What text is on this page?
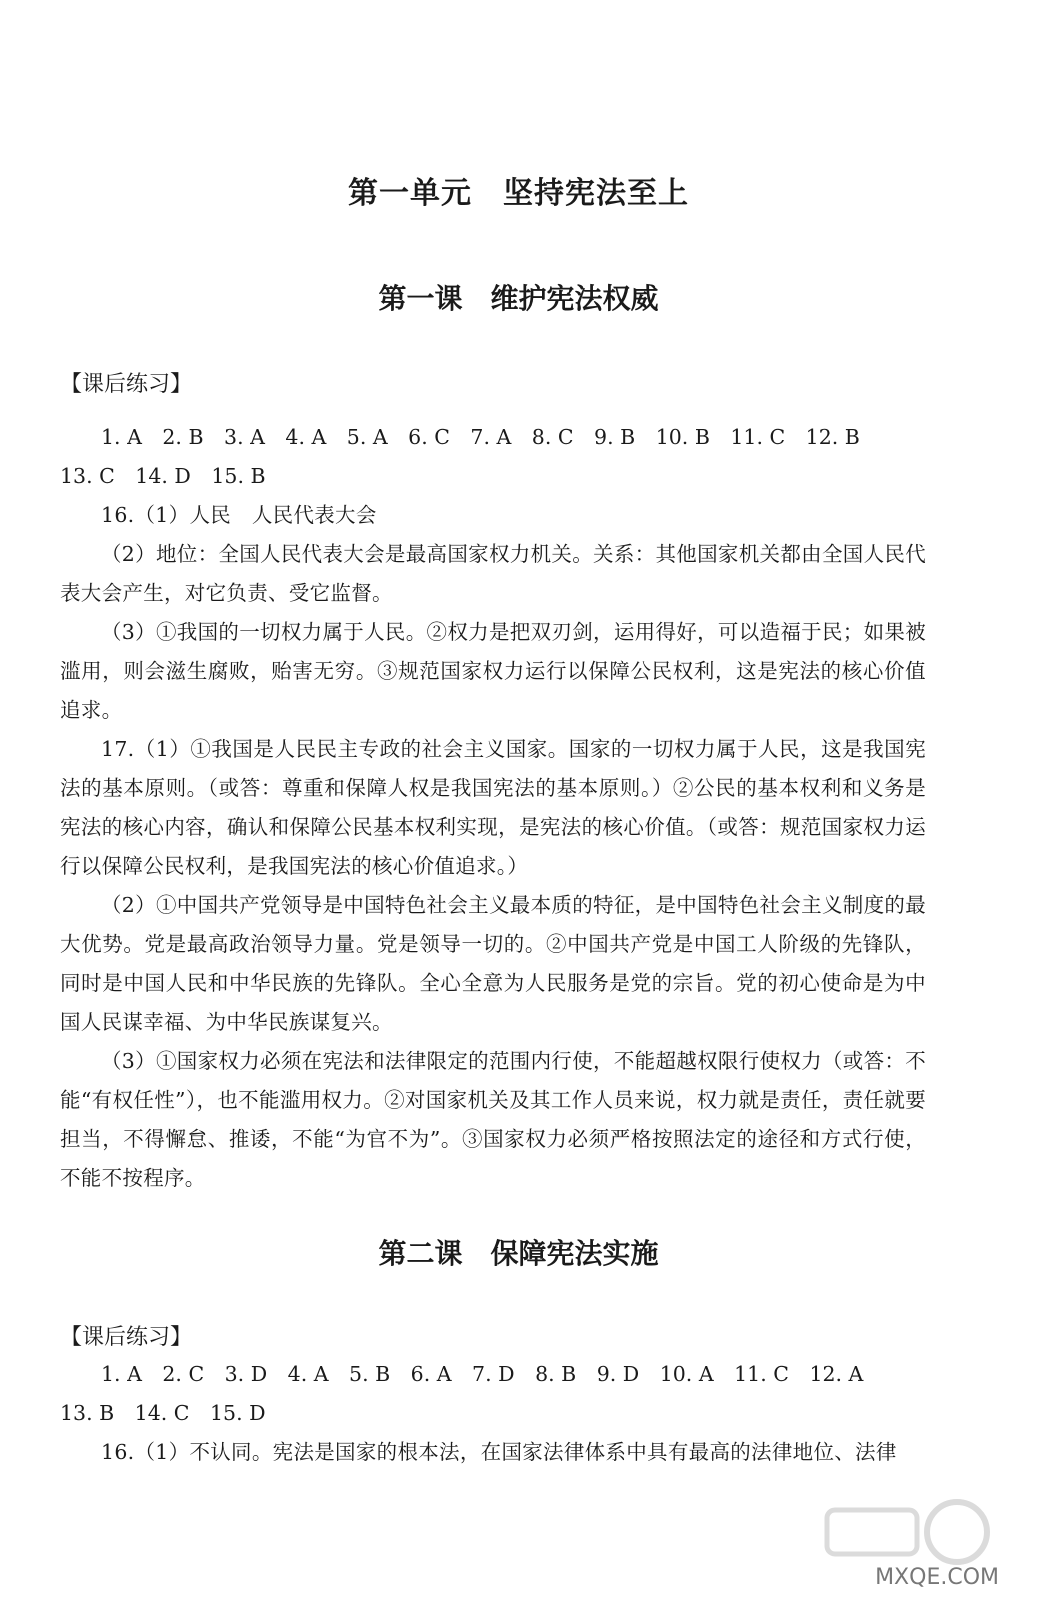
第一单元　坚持宪法至上
第一课　维护宪法权威
【课后练习】

1. A　2. B　3. A　4. A　5. A　6. C　7. A　8. C　9. B　10. B　11. C　12. B

13. C　14. D　15. B

16.（1）人民　人民代表大会

（2）地位：全国人民代表大会是最高国家权力机关。关系：其他国家机关都由全国人民代表大会产生，对它负责、受它监督。

（3）①我国的一切权力属于人民。②权力是把双刃剑，运用得好，可以造福于民；如果被滥用，则会滋生腐败，贻害无穷。③规范国家权力运行以保障公民权利，这是宪法的核心价值追求。

17.（1）①我国是人民民主专政的社会主义国家。国家的一切权力属于人民，这是我国宪法的基本原则。（或答：尊重和保障人权是我国宪法的基本原则。）②公民的基本权利和义务是宪法的核心内容，确认和保障公民基本权利实现，是宪法的核心价值。（或答：规范国家权力运行以保障公民权利，是我国宪法的核心价值追求。）

（2）①中国共产党领导是中国特色社会主义最本质的特征，是中国特色社会主义制度的最大优势。党是最高政治领导力量。党是领导一切的。②中国共产党是中国工人阶级的先锋队，同时是中国人民和中华民族的先锋队。全心全意为人民服务是党的宗旨。党的初心使命是为中国人民谋幸福、为中华民族谋复兴。

（3）①国家权力必须在宪法和法律限定的范围内行使，不能超越权限行使权力（或答：不能“有权任性”），也不能滥用权力。②对国家机关及其工作人员来说，权力就是责任，责任就要担当，不得懈怠、推诿，不能“为官不为”。③国家权力必须严格按照法定的途径和方式行使，不能不按程序。

第二课　保障宪法实施
【课后练习】

1. A　2. C　3. D　4. A　5. B　6. A　7. D　8. B　9. D　10. A　11. C　12. A

13. B　14. C　15. D

16.（1）不认同。宪法是国家的根本法，在国家法律体系中具有最高的法律地位、法律

MXQE.COM
